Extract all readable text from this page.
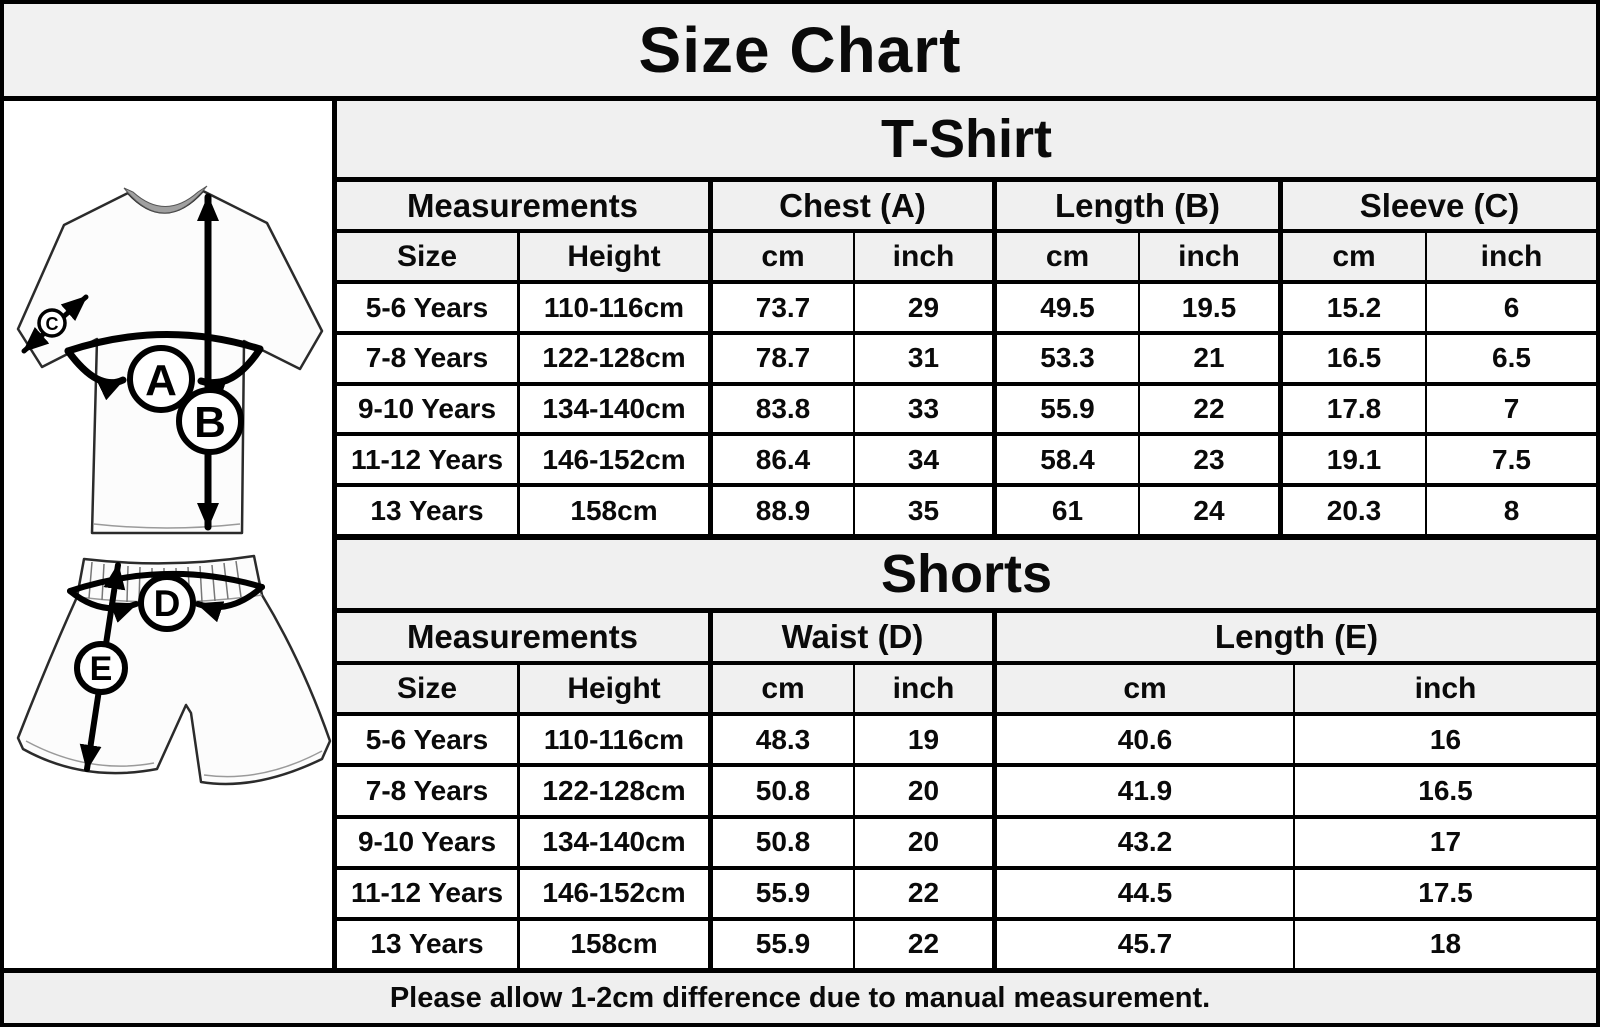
Size Chart
C
A
B
D
E
T-Shirt							
Measurements		Chest (A)		Length (B)		Sleeve (C)	
Size	Height	cm	inch	cm	inch	cm	inch
5-6 Years	110-116cm	73.7	29	49.5	19.5	15.2	6
7-8 Years	122-128cm	78.7	31	53.3	21	16.5	6.5
9-10 Years	134-140cm	83.8	33	55.9	22	17.8	7
11-12 Years	146-152cm	86.4	34	58.4	23	19.1	7.5
13 Years	158cm	88.9	35	61	24	20.3	8
Shorts					
Measurements		Waist (D)		Length (E)	
Size	Height	cm	inch	cm	inch
5-6 Years	110-116cm	48.3	19	40.6	16
7-8 Years	122-128cm	50.8	20	41.9	16.5
9-10 Years	134-140cm	50.8	20	43.2	17
11-12 Years	146-152cm	55.9	22	44.5	17.5
13 Years	158cm	55.9	22	45.7	18
Please allow 1-2cm difference due to manual measurement.
